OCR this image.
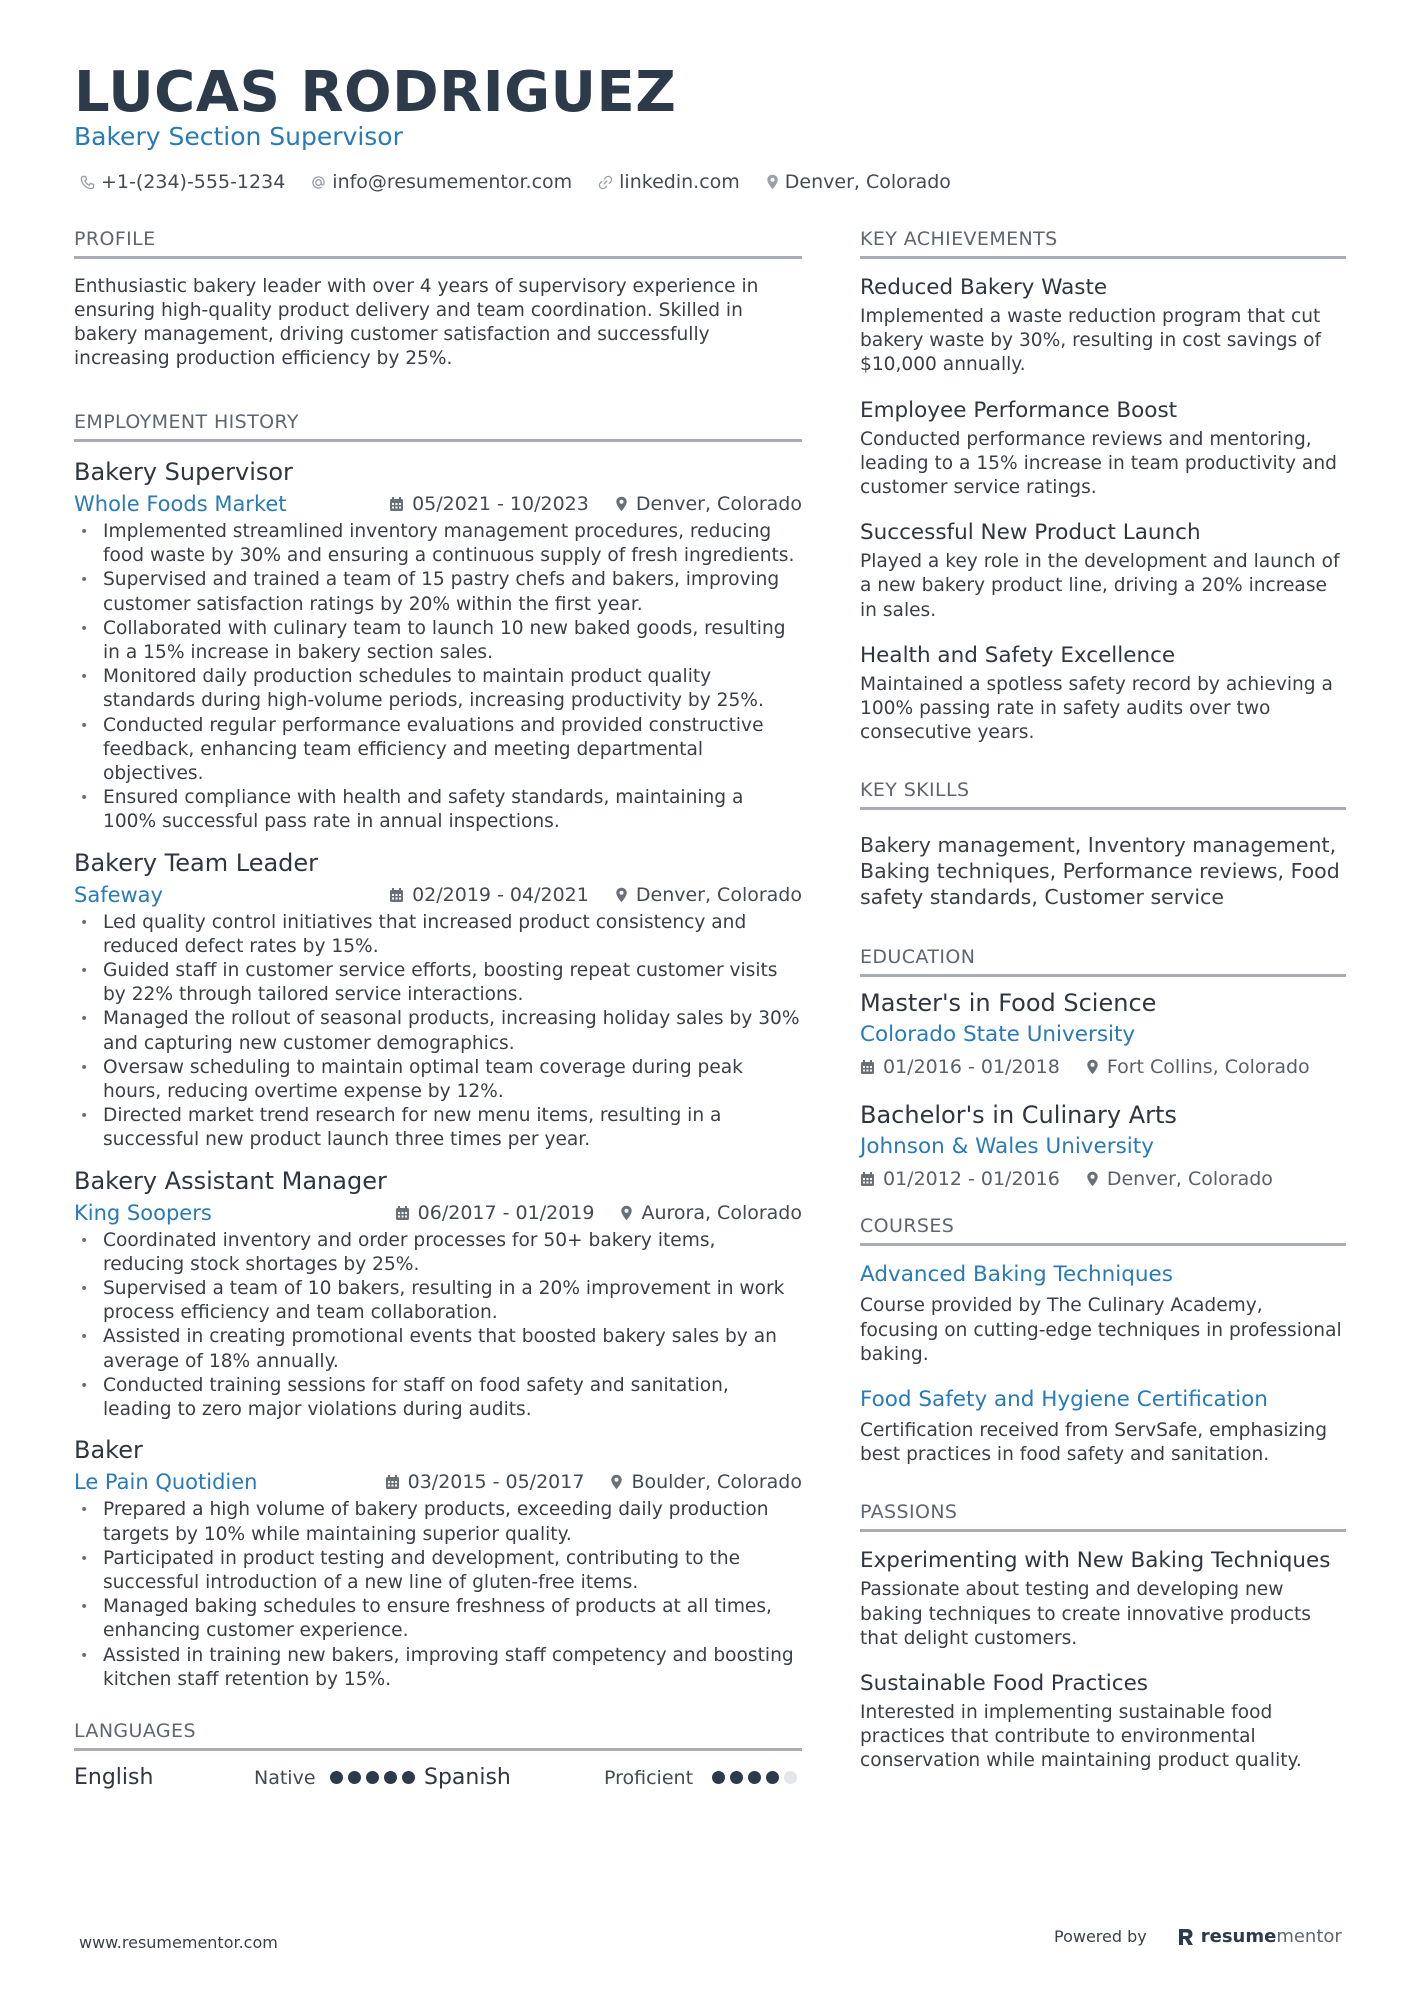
LUCAS RODRIGUEZ
Bakery Section Supervisor
+1-(234)-555-1234 info@resumementor.com linkedin.com Denver, Colorado
PROFILE

Enthusiastic bakery leader with over 4 years of supervisory experience in ensuring high-quality product delivery and team coordination. Skilled in bakery management, driving customer satisfaction and successfully increasing production efficiency by 25%.

EMPLOYMENT HISTORY
Bakery Supervisor
Whole Foods Market	05/2021 - 10/2023 Denver, Colorado
• Implemented streamlined inventory management procedures, reducing food waste by 30% and ensuring a continuous supply of fresh ingredients.
• Supervised and trained a team of 15 pastry chefs and bakers, improving customer satisfaction ratings by 20% within the first year.
• Collaborated with culinary team to launch 10 new baked goods, resulting in a 15% increase in bakery section sales.
• Monitored daily production schedules to maintain product quality standards during high-volume periods, increasing productivity by 25%.
• Conducted regular performance evaluations and provided constructive feedback, enhancing team efficiency and meeting departmental objectives.
• Ensured compliance with health and safety standards, maintaining a 100% successful pass rate in annual inspections.
Bakery Team Leader
Safeway	02/2019 - 04/2021 Denver, Colorado
• Led quality control initiatives that increased product consistency and reduced defect rates by 15%.
• Guided staff in customer service efforts, boosting repeat customer visits by 22% through tailored service interactions.
• Managed the rollout of seasonal products, increasing holiday sales by 30% and capturing new customer demographics.
• Oversaw scheduling to maintain optimal team coverage during peak hours, reducing overtime expense by 12%.
• Directed market trend research for new menu items, resulting in a successful new product launch three times per year.
Bakery Assistant Manager
King Soopers	06/2017 - 01/2019 Aurora, Colorado
• Coordinated inventory and order processes for 50+ bakery items, reducing stock shortages by 25%.
• Supervised a team of 10 bakers, resulting in a 20% improvement in work process efficiency and team collaboration.
• Assisted in creating promotional events that boosted bakery sales by an average of 18% annually.
• Conducted training sessions for staff on food safety and sanitation, leading to zero major violations during audits.
Baker
Le Pain Quotidien	03/2015 - 05/2017 Boulder, Colorado
• Prepared a high volume of bakery products, exceeding daily production targets by 10% while maintaining superior quality.
• Participated in product testing and development, contributing to the successful introduction of a new line of gluten-free items.
• Managed baking schedules to ensure freshness of products at all times, enhancing customer experience.
• Assisted in training new bakers, improving staff competency and boosting kitchen staff retention by 15%.
LANGUAGES
English	Native	Spanish	Proficient
KEY ACHIEVEMENTS
Reduced Bakery Waste
Implemented a waste reduction program that cut bakery waste by 30%, resulting in cost savings of $10,000 annually.
Employee Performance Boost
Conducted performance reviews and mentoring, leading to a 15% increase in team productivity and customer service ratings.
Successful New Product Launch
Played a key role in the development and launch of a new bakery product line, driving a 20% increase in sales.
Health and Safety Excellence
Maintained a spotless safety record by achieving a 100% passing rate in safety audits over two consecutive years.
KEY SKILLS

Bakery management, Inventory management, Baking techniques, Performance reviews, Food safety standards, Customer service

EDUCATION
Master's in Food Science
Colorado State University
01/2016 - 01/2018 Fort Collins, Colorado
Bachelor's in Culinary Arts
Johnson & Wales University
01/2012 - 01/2016 Denver, Colorado
COURSES
Advanced Baking Techniques
Course provided by The Culinary Academy, focusing on cutting-edge techniques in professional baking.
Food Safety and Hygiene Certification
Certification received from ServSafe, emphasizing best practices in food safety and sanitation.
PASSIONS
Experimenting with New Baking Techniques
Passionate about testing and developing new baking techniques to create innovative products that delight customers.
Sustainable Food Practices
Interested in implementing sustainable food practices that contribute to environmental conservation while maintaining product quality.
www.resumementor.com	Powered by	resume mentor
